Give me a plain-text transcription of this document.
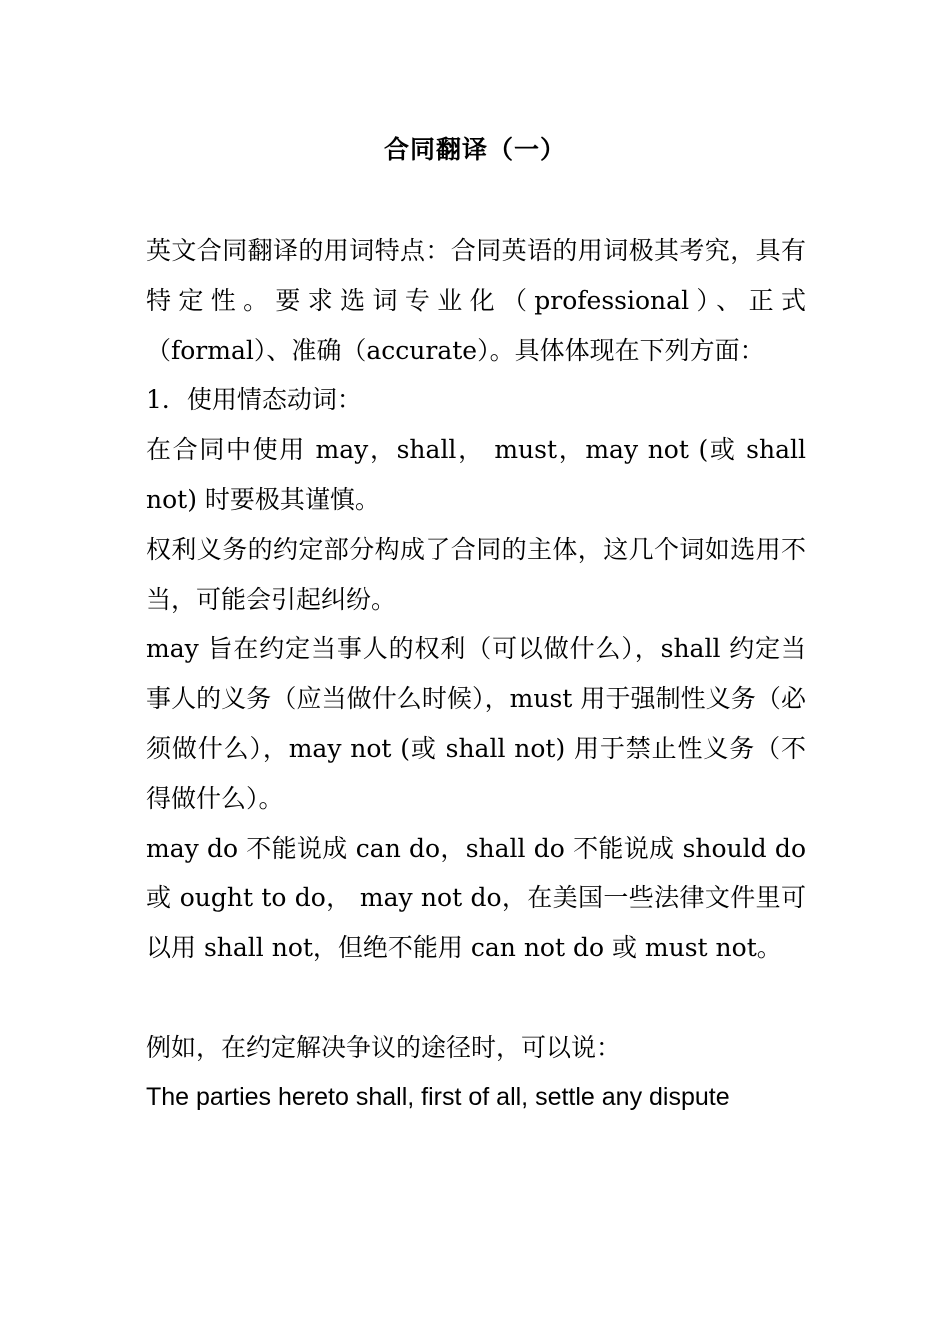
合同翻译（一）

英文合同翻译的用词特点：合同英语的用词极其考究，具有特定性。要求选词专业化（professional）、正式（formal）、准确（accurate）。具体体现在下列方面：

1．使用情态动词：

在合同中使用 may，shall， must，may not (或 shall not) 时要极其谨慎。

权利义务的约定部分构成了合同的主体，这几个词如选用不当，可能会引起纠纷。

may 旨在约定当事人的权利（可以做什么），shall 约定当事人的义务（应当做什么时候），must 用于强制性义务（必须做什么），may not (或 shall not) 用于禁止性义务（不得做什么）。

may do 不能说成 can do，shall do 不能说成 should do 或 ought to do， may not do，在美国一些法律文件里可以用 shall not，但绝不能用 can not do 或 must not。

例如，在约定解决争议的途径时，可以说：

The parties hereto shall, first of all, settle any dispute
